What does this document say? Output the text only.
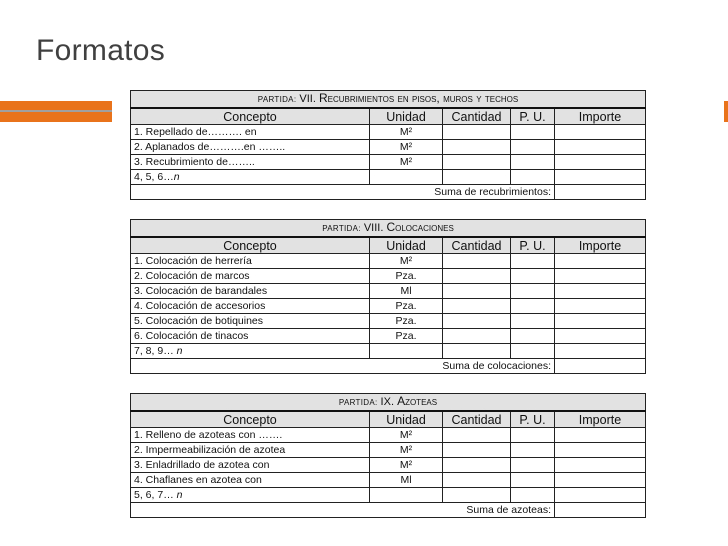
Formatos
PARTIDA: VII. Recubrimientos en pisos, muros y techos				
Concepto	Unidad	Cantidad	P. U.	Importe
1. Repellado de………. en	M²			
2. Aplanados de……….en ……..	M²			
3. Recubrimiento de……..	M²			
4, 5, 6…n				
Suma de recubrimientos:				
PARTIDA: VIII. Colocaciones				
Concepto	Unidad	Cantidad	P. U.	Importe
1. Colocación de herrería	M²			
2. Colocación de marcos	Pza.			
3. Colocación de barandales	Ml			
4. Colocación de accesorios	Pza.			
5. Colocación de botiquines	Pza.			
6. Colocación de tinacos	Pza.			
7, 8, 9… n				
Suma de colocaciones:				
PARTIDA: IX. Azoteas				
Concepto	Unidad	Cantidad	P. U.	Importe
1. Relleno de azoteas con …….	M²			
2. Impermeabilización de azotea	M²			
3. Enladrillado de azotea con	M²			
4. Chaflanes en azotea con	Ml			
5, 6, 7… n				
Suma de azoteas:				
